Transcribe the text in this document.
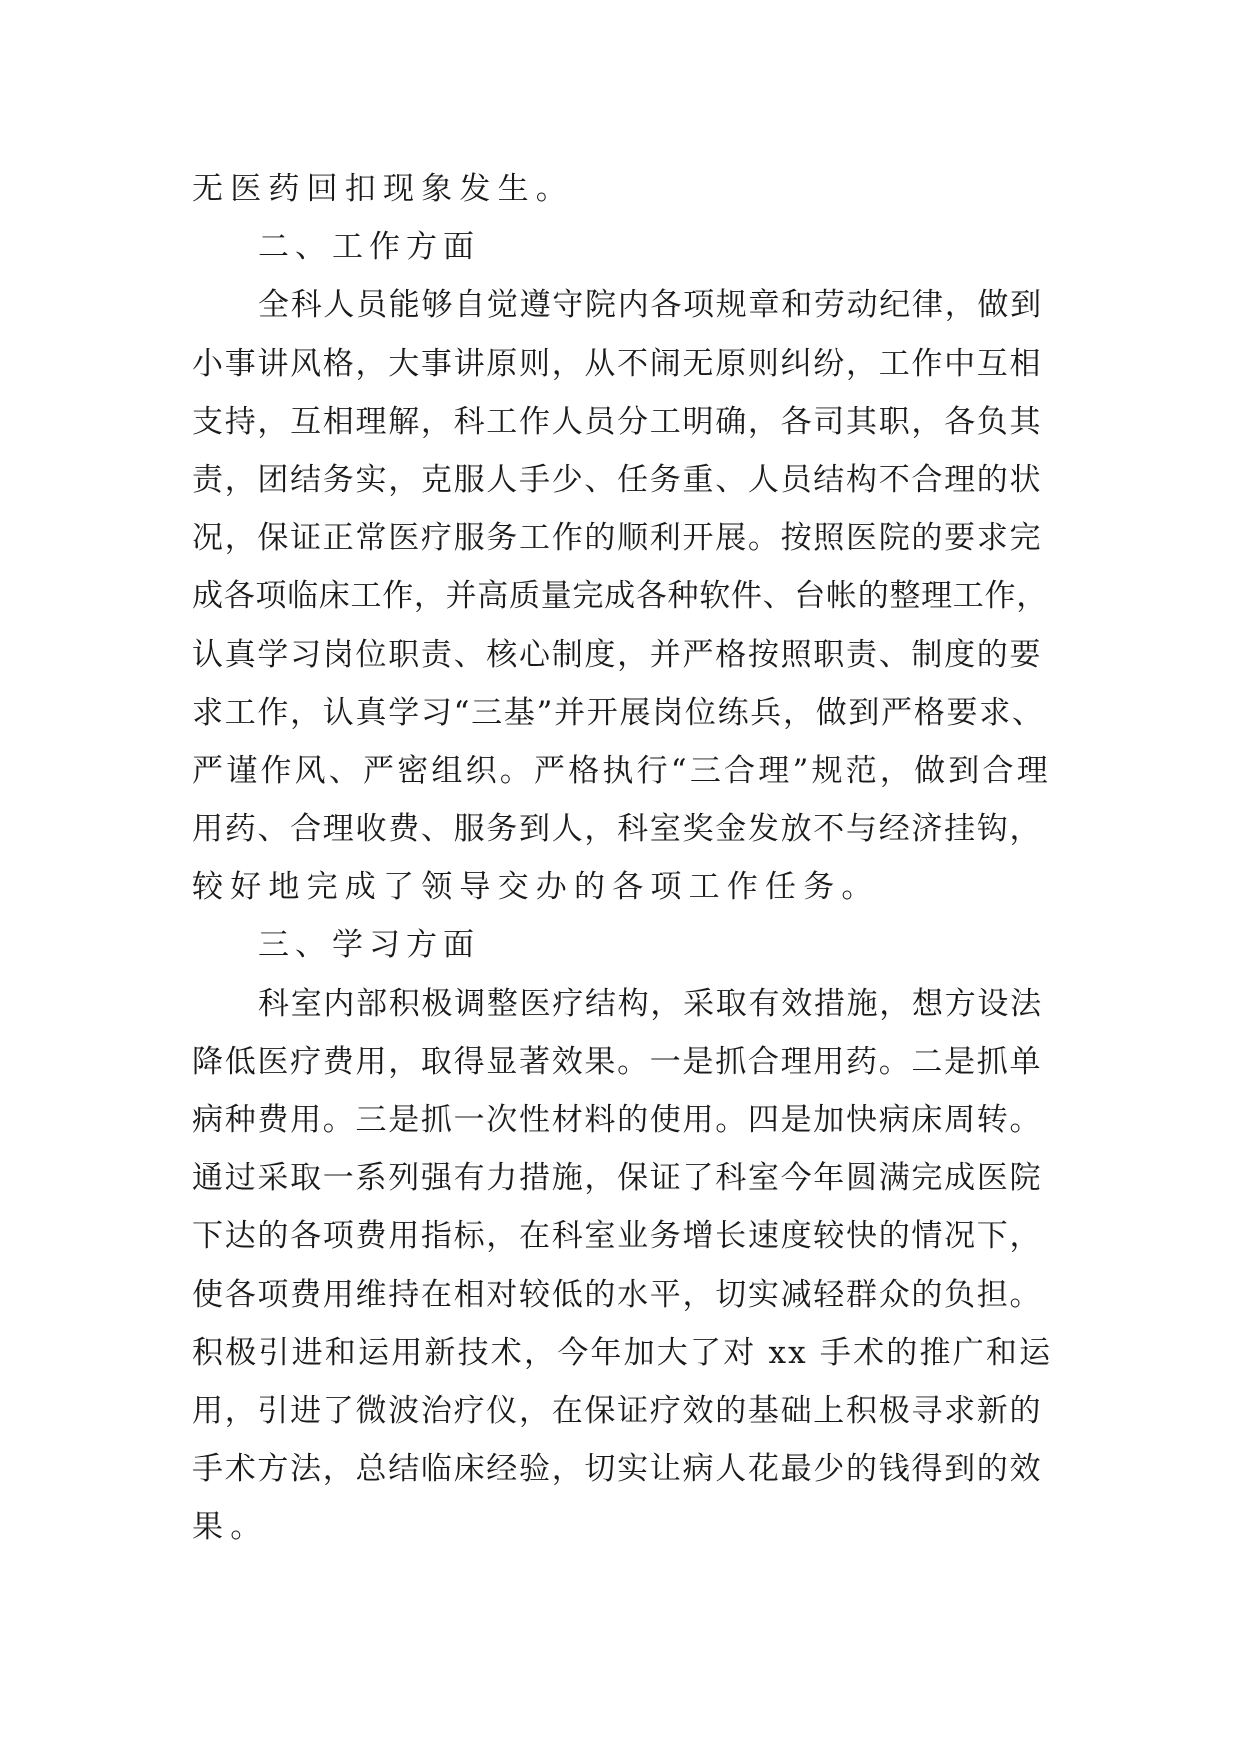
无医药回扣现象发生。
二、工作方面
全科人员能够自觉遵守院内各项规章和劳动纪律，做到
小事讲风格，大事讲原则，从不闹无原则纠纷，工作中互相
支持，互相理解，科工作人员分工明确，各司其职，各负其
责，团结务实，克服人手少、任务重、人员结构不合理的状
况，保证正常医疗服务工作的顺利开展。按照医院的要求完
成各项临床工作，并高质量完成各种软件、台帐的整理工作，
认真学习岗位职责、核心制度，并严格按照职责、制度的要
求工作，认真学习“三基”并开展岗位练兵，做到严格要求、
严谨作风、严密组织。严格执行“三合理”规范，做到合理
用药、合理收费、服务到人，科室奖金发放不与经济挂钩，
较好地完成了领导交办的各项工作任务。
三、学习方面
科室内部积极调整医疗结构，采取有效措施，想方设法
降低医疗费用，取得显著效果。一是抓合理用药。二是抓单
病种费用。三是抓一次性材料的使用。四是加快病床周转。
通过采取一系列强有力措施，保证了科室今年圆满完成医院
下达的各项费用指标，在科室业务增长速度较快的情况下，
使各项费用维持在相对较低的水平，切实减轻群众的负担。
积极引进和运用新技术，今年加大了对 xx 手术的推广和运
用，引进了微波治疗仪，在保证疗效的基础上积极寻求新的
手术方法，总结临床经验，切实让病人花最少的钱得到的效
果。
